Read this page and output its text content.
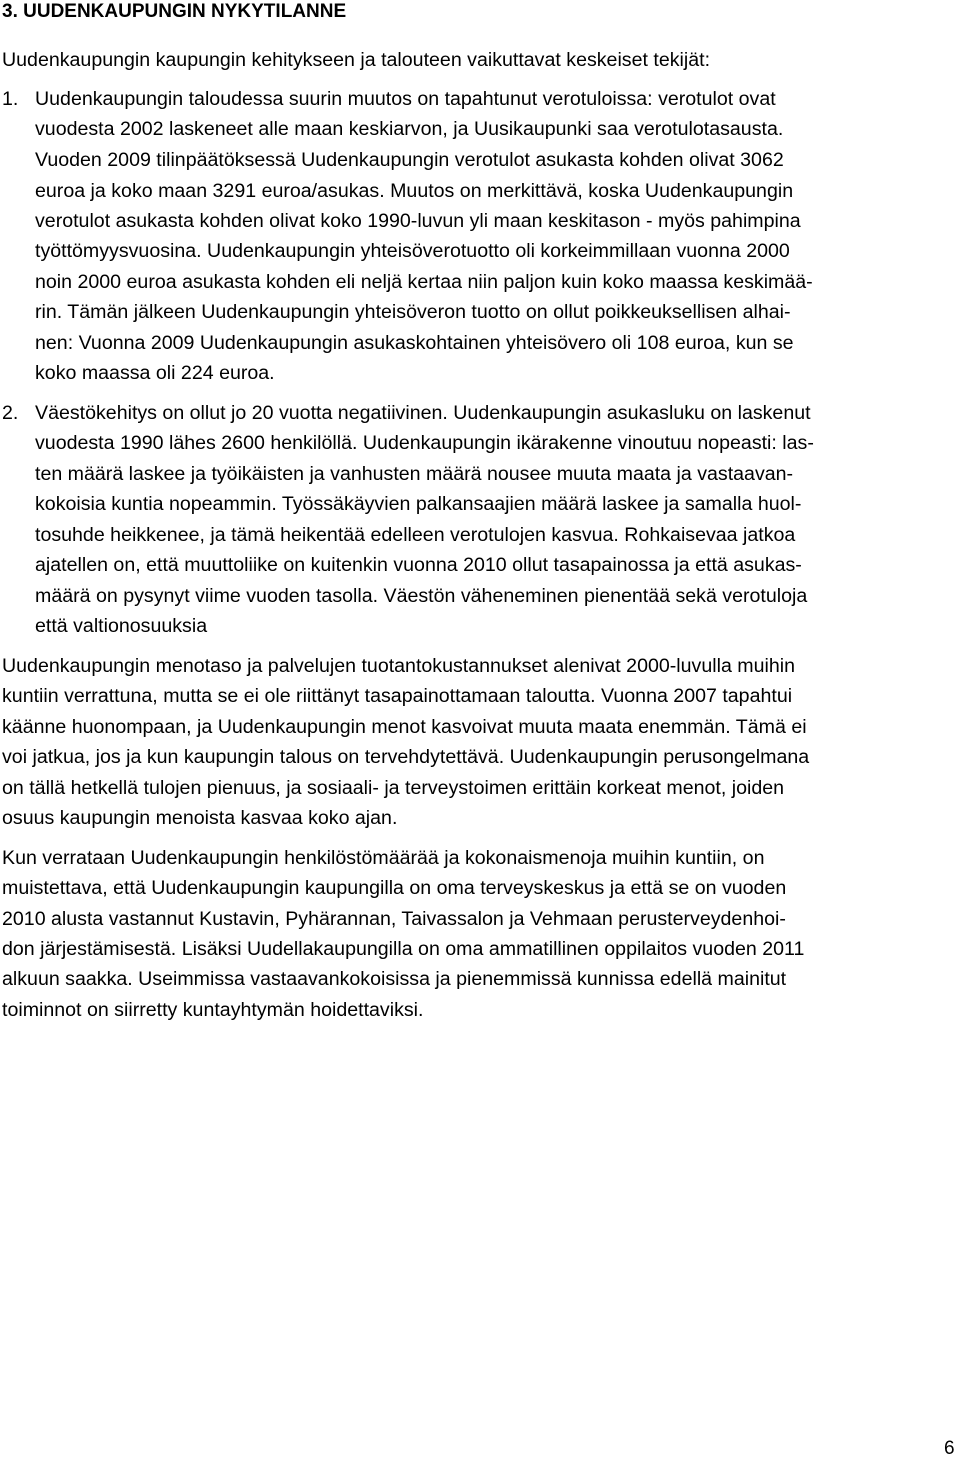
3. UUDENKAUPUNGIN NYKYTILANNE
Uudenkaupungin kaupungin kehitykseen ja talouteen vaikuttavat keskeiset tekijät:
1. Uudenkaupungin taloudessa suurin muutos on tapahtunut verotuloissa: verotulot ovat
vuodesta 2002 laskeneet alle maan keskiarvon, ja Uusikaupunki saa verotulotasausta.
Vuoden 2009 tilinpäätöksessä Uudenkaupungin verotulot asukasta kohden olivat 3062
euroa ja koko maan 3291 euroa/asukas. Muutos on merkittävä, koska Uudenkaupungin
verotulot asukasta kohden olivat koko 1990-luvun yli maan keskitason - myös pahimpina
työttömyysvuosina. Uudenkaupungin yhteisöverotuotto oli korkeimmillaan vuonna 2000
noin 2000 euroa asukasta kohden eli neljä kertaa niin paljon kuin koko maassa keskimää-
rin. Tämän jälkeen Uudenkaupungin yhteisöveron tuotto on ollut poikkeuksellisen alhai-
nen: Vuonna 2009 Uudenkaupungin asukaskohtainen yhteisövero oli 108 euroa, kun se
koko maassa oli 224 euroa.
2. Väestökehitys on ollut jo 20 vuotta negatiivinen. Uudenkaupungin asukasluku on laskenut
vuodesta 1990 lähes 2600 henkilöllä. Uudenkaupungin ikärakenne vinoutuu nopeasti: las-
ten määrä laskee ja työikäisten ja vanhusten määrä nousee muuta maata ja vastaavan-
kokoisia kuntia nopeammin. Työssäkäyvien palkansaajien määrä laskee ja samalla huol-
tosuhde heikkenee, ja tämä heikentää edelleen verotulojen kasvua. Rohkaisevaa jatkoa
ajatellen on, että muuttoliike on kuitenkin vuonna 2010 ollut tasapainossa ja että asukas-
määrä on pysynyt viime vuoden tasolla. Väestön väheneminen pienentää sekä verotuloja
että valtionosuuksia
Uudenkaupungin menotaso ja palvelujen tuotantokustannukset alenivat 2000-luvulla muihin
kuntiin verrattuna, mutta se ei ole riittänyt tasapainottamaan taloutta. Vuonna 2007 tapahtui
käänne huonompaan, ja Uudenkaupungin menot kasvoivat muuta maata enemmän. Tämä ei
voi jatkua, jos ja kun kaupungin talous on tervehdytettävä. Uudenkaupungin perusongelmana
on tällä hetkellä tulojen pienuus, ja sosiaali- ja terveystoimen erittäin korkeat menot, joiden
osuus kaupungin menoista kasvaa koko ajan.
Kun verrataan Uudenkaupungin henkilöstömäärää ja kokonaismenoja muihin kuntiin, on
muistettava, että Uudenkaupungin kaupungilla on oma terveyskeskus ja että se on vuoden
2010 alusta vastannut Kustavin, Pyhärannan, Taivassalon ja Vehmaan perusterveydenhoi-
don järjestämisestä. Lisäksi Uudellakaupungilla on oma ammatillinen oppilaitos vuoden 2011
alkuun saakka. Useimmissa vastaavankokoisissa ja pienemmissä kunnissa edellä mainitut
toiminnot on siirretty kuntayhtymän hoidettaviksi.
6
